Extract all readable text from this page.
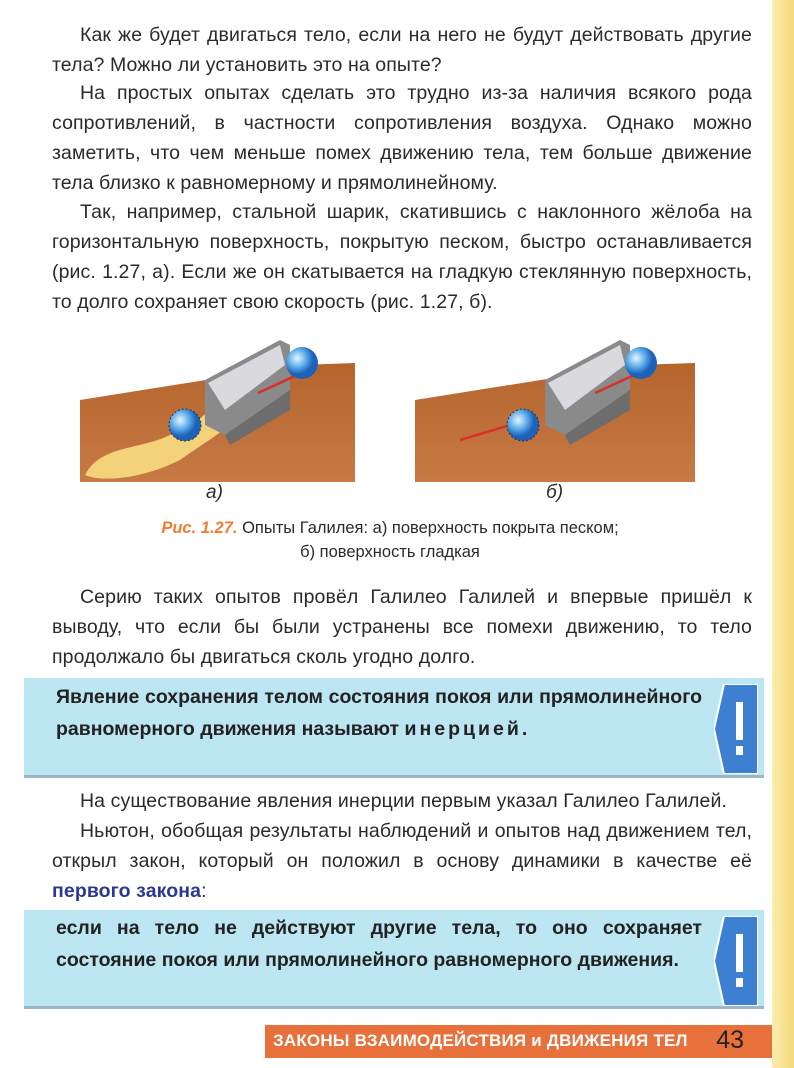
Как же будет двигаться тело, если на него не будут действовать другие тела? Можно ли установить это на опыте?

На простых опытах сделать это трудно из-за наличия всякого рода сопротивлений, в частности сопротивления воздуха. Однако можно заметить, что чем меньше помех движению тела, тем больше движение тела близко к равномерному и прямолинейному.

Так, например, стальной шарик, скатившись с наклонного жёлоба на горизонтальную поверхность, покрытую песком, быстро останавливается (рис. 1.27, а). Если же он скатывается на гладкую стеклянную поверхность, то долго сохраняет свою скорость (рис. 1.27, б).

а)	б)
Рис. 1.27. Опыты Галилея: а) поверхность покрыта песком;
б) поверхность гладкая

Серию таких опытов провёл Галилео Галилей и впервые пришёл к выводу, что если бы были устранены все помехи движению, то тело продолжало бы двигаться сколь угодно долго.

Явление сохранения телом состояния покоя или прямолинейного равномерного движения называют инерцией.

На существование явления инерции первым указал Галилео Галилей.

Ньютон, обобщая результаты наблюдений и опытов над движением тел, открыл закон, который он положил в основу динамики в качестве её первого закона:

если на тело не действуют другие тела, то оно сохраняет состояние покоя или прямолинейного равномерного движения.
ЗАКОНЫ ВЗАИМОДЕЙСТВИЯ и ДВИЖЕНИЯ ТЕЛ 43
